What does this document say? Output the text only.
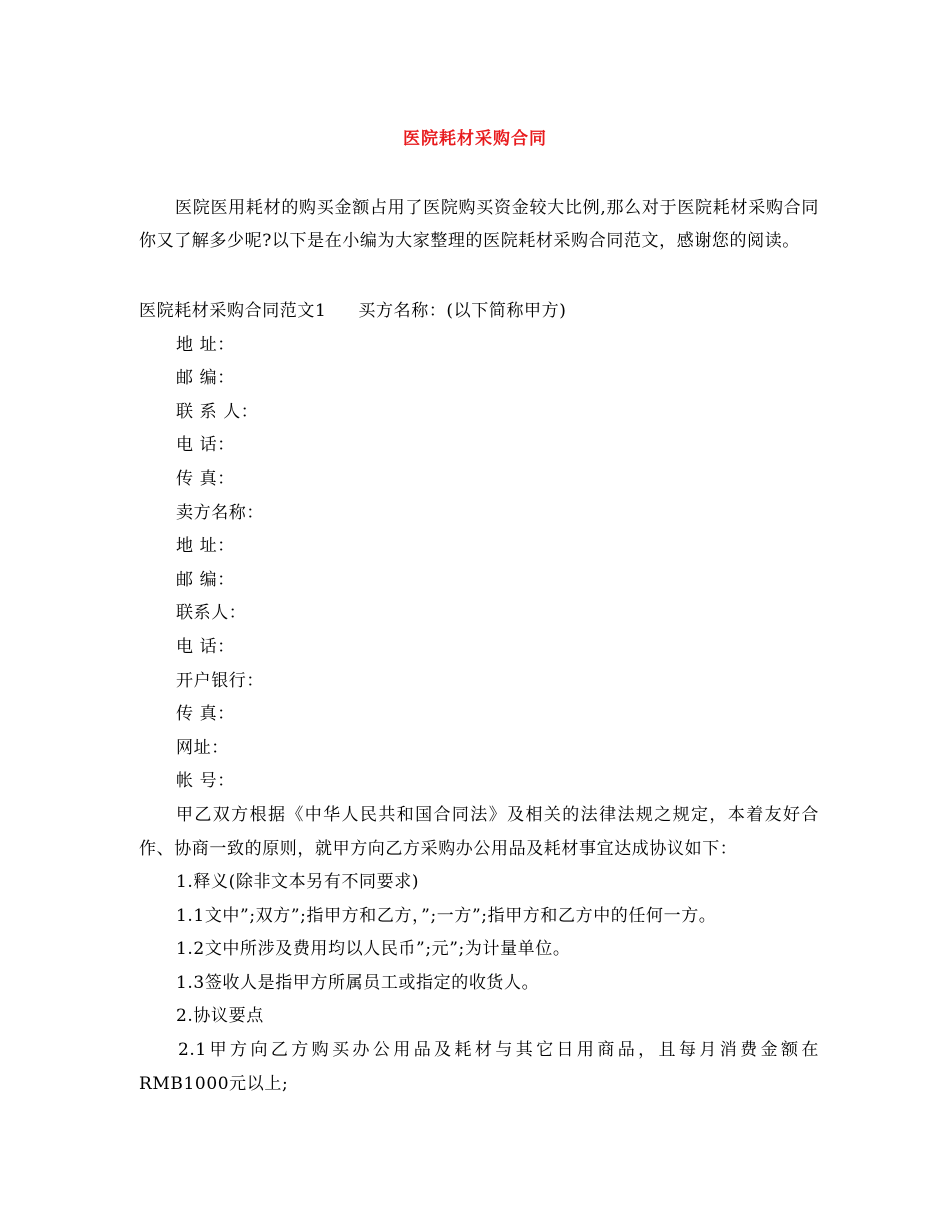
医院耗材采购合同
医院医用耗材的购买金额占用了医院购买资金较大比例,那么对于医院耗材采购合同你又了解多少呢?以下是在小编为大家整理的医院耗材采购合同范文，感谢您的阅读。
医院耗材采购合同范文1 买方名称：(以下简称甲方)
地 址：
邮 编：
联 系 人：
电 话：
传 真：
卖方名称：
地 址：
邮 编：
联系人：
电 话：
开户银行：
传 真：
网址：
帐 号：
甲乙双方根据《中华人民共和国合同法》及相关的法律法规之规定，本着友好合作、协商一致的原则，就甲方向乙方采购办公用品及耗材事宜达成协议如下：
1.释义(除非文本另有不同要求)
1.1文中”;双方”;指甲方和乙方，”;一方”;指甲方和乙方中的任何一方。
1.2文中所涉及费用均以人民币”;元”;为计量单位。
1.3签收人是指甲方所属员工或指定的收货人。
2.协议要点
2.1甲方向乙方购买办公用品及耗材与其它日用商品，且每月消费金额在RMB1000元以上;
